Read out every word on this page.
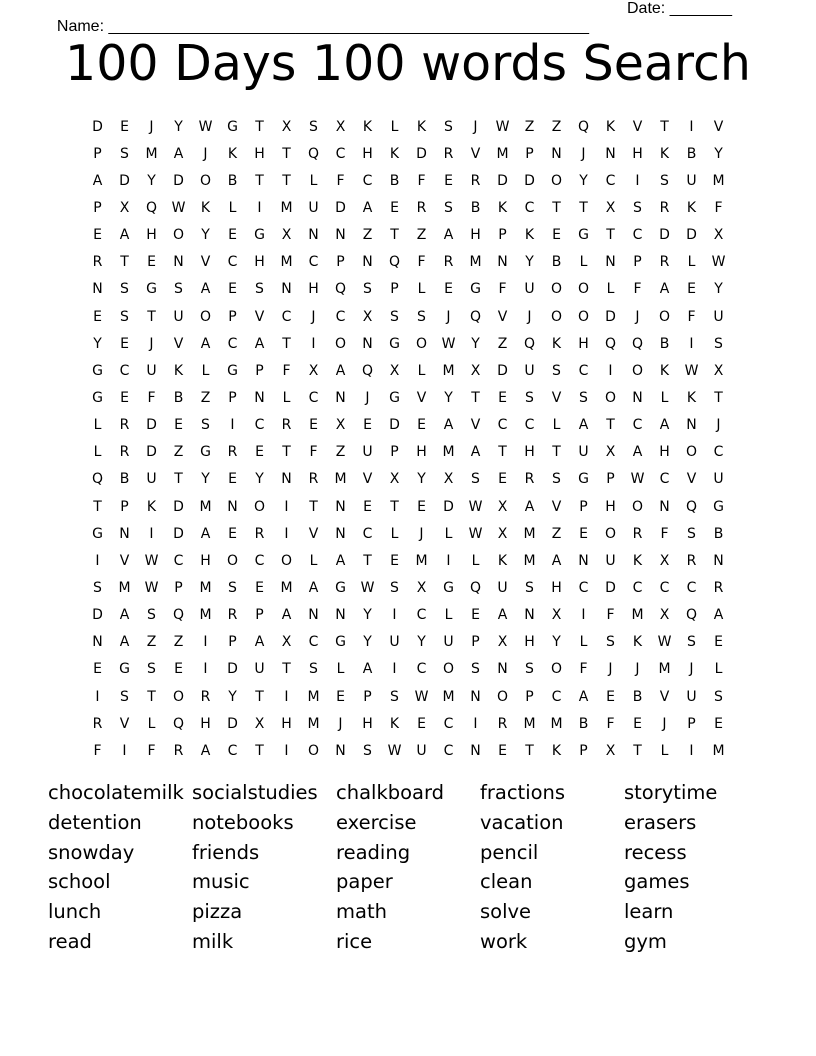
Name: ______________________________________________________

Date: _______

100 Days 100 words Search
D	E	J	Y	W	G	T	X	S	X	K	L	K	S	J	W	Z	Z	Q	K	V	T	I	V
P	S	M	A	J	K	H	T	Q	C	H	K	D	R	V	M	P	N	J	N	H	K	B	Y
A	D	Y	D	O	B	T	T	L	F	C	B	F	E	R	D	D	O	Y	C	I	S	U	M
P	X	Q	W	K	L	I	M	U	D	A	E	R	S	B	K	C	T	T	X	S	R	K	F
E	A	H	O	Y	E	G	X	N	N	Z	T	Z	A	H	P	K	E	G	T	C	D	D	X
R	T	E	N	V	C	H	M	C	P	N	Q	F	R	M	N	Y	B	L	N	P	R	L	W
N	S	G	S	A	E	S	N	H	Q	S	P	L	E	G	F	U	O	O	L	F	A	E	Y
E	S	T	U	O	P	V	C	J	C	X	S	S	J	Q	V	J	O	O	D	J	O	F	U
Y	E	J	V	A	C	A	T	I	O	N	G	O	W	Y	Z	Q	K	H	Q	Q	B	I	S
G	C	U	K	L	G	P	F	X	A	Q	X	L	M	X	D	U	S	C	I	O	K	W	X
G	E	F	B	Z	P	N	L	C	N	J	G	V	Y	T	E	S	V	S	O	N	L	K	T
L	R	D	E	S	I	C	R	E	X	E	D	E	A	V	C	C	L	A	T	C	A	N	J
L	R	D	Z	G	R	E	T	F	Z	U	P	H	M	A	T	H	T	U	X	A	H	O	C
Q	B	U	T	Y	E	Y	N	R	M	V	X	Y	X	S	E	R	S	G	P	W	C	V	U
T	P	K	D	M	N	O	I	T	N	E	T	E	D	W	X	A	V	P	H	O	N	Q	G
G	N	I	D	A	E	R	I	V	N	C	L	J	L	W	X	M	Z	E	O	R	F	S	B
I	V	W	C	H	O	C	O	L	A	T	E	M	I	L	K	M	A	N	U	K	X	R	N
S	M	W	P	M	S	E	M	A	G	W	S	X	G	Q	U	S	H	C	D	C	C	C	R
D	A	S	Q	M	R	P	A	N	N	Y	I	C	L	E	A	N	X	I	F	M	X	Q	A
N	A	Z	Z	I	P	A	X	C	G	Y	U	Y	U	P	X	H	Y	L	S	K	W	S	E
E	G	S	E	I	D	U	T	S	L	A	I	C	O	S	N	S	O	F	J	J	M	J	L
I	S	T	O	R	Y	T	I	M	E	P	S	W	M	N	O	P	C	A	E	B	V	U	S
R	V	L	Q	H	D	X	H	M	J	H	K	E	C	I	R	M	M	B	F	E	J	P	E
F	I	F	R	A	C	T	I	O	N	S	W	U	C	N	E	T	K	P	X	T	L	I	M
chocolatemilk socialstudies chalkboard	fractions	storytime
detention	notebooks	exercise	vacation	erasers
snowday	friends	reading	pencil	recess
school	music	paper	clean	games
lunch	pizza	math	solve	learn
read	milk	rice	work	gym
